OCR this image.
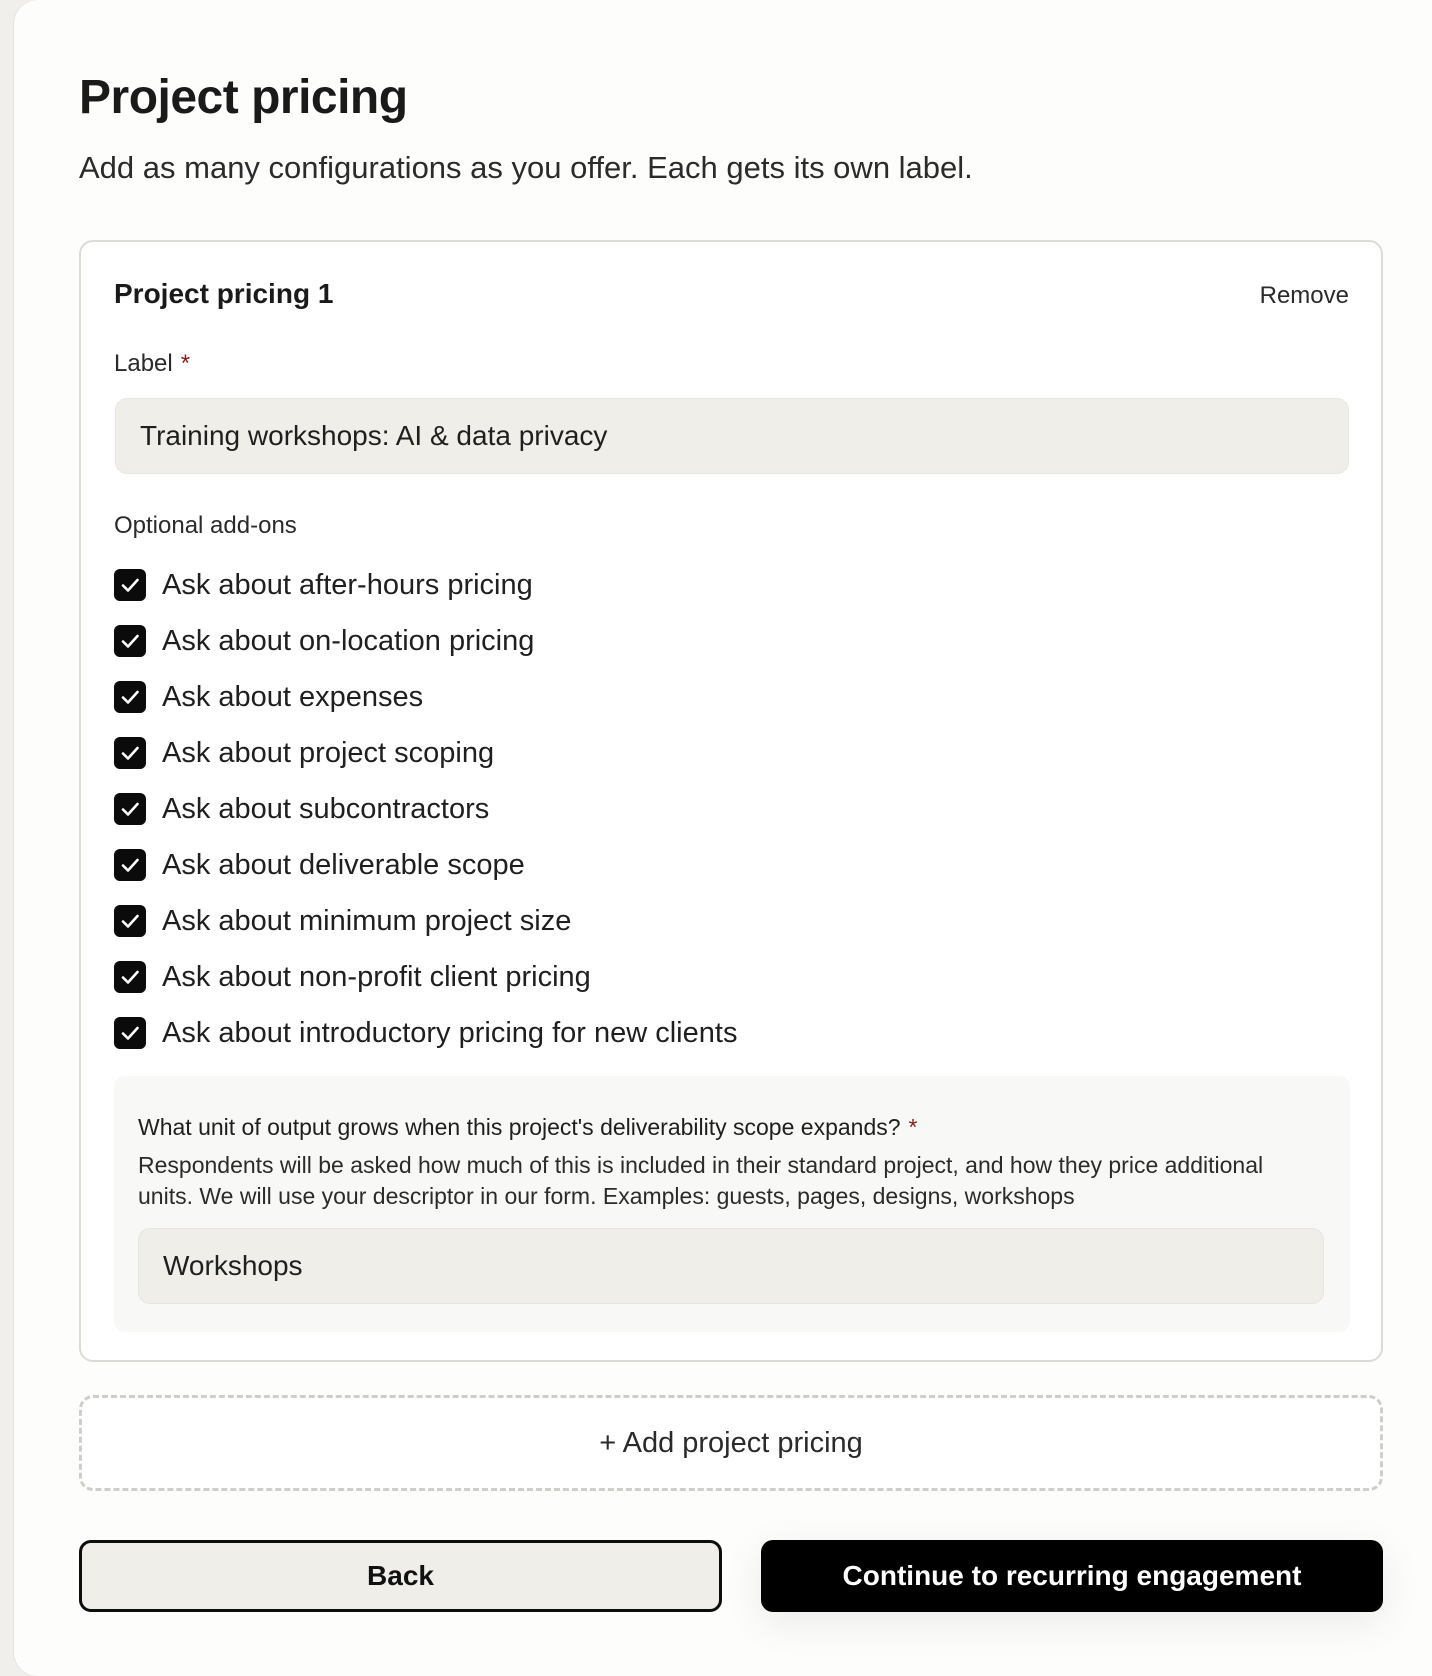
Project pricing

Add as many configurations as you offer. Each gets its own label.

Project pricing 1	Remove
Label *
Training workshops: AI & data privacy
Optional add-ons
Ask about after-hours pricing
Ask about on-location pricing
Ask about expenses
Ask about project scoping
Ask about subcontractors
Ask about deliverable scope
Ask about minimum project size
Ask about non-profit client pricing
Ask about introductory pricing for new clients
What unit of output grows when this project's deliverability scope expands? *
Respondents will be asked how much of this is included in their standard project, and how they price additional units. We will use your descriptor in our form. Examples: guests, pages, designs, workshops
Workshops
+ Add project pricing
Back	Continue to recurring engagement
